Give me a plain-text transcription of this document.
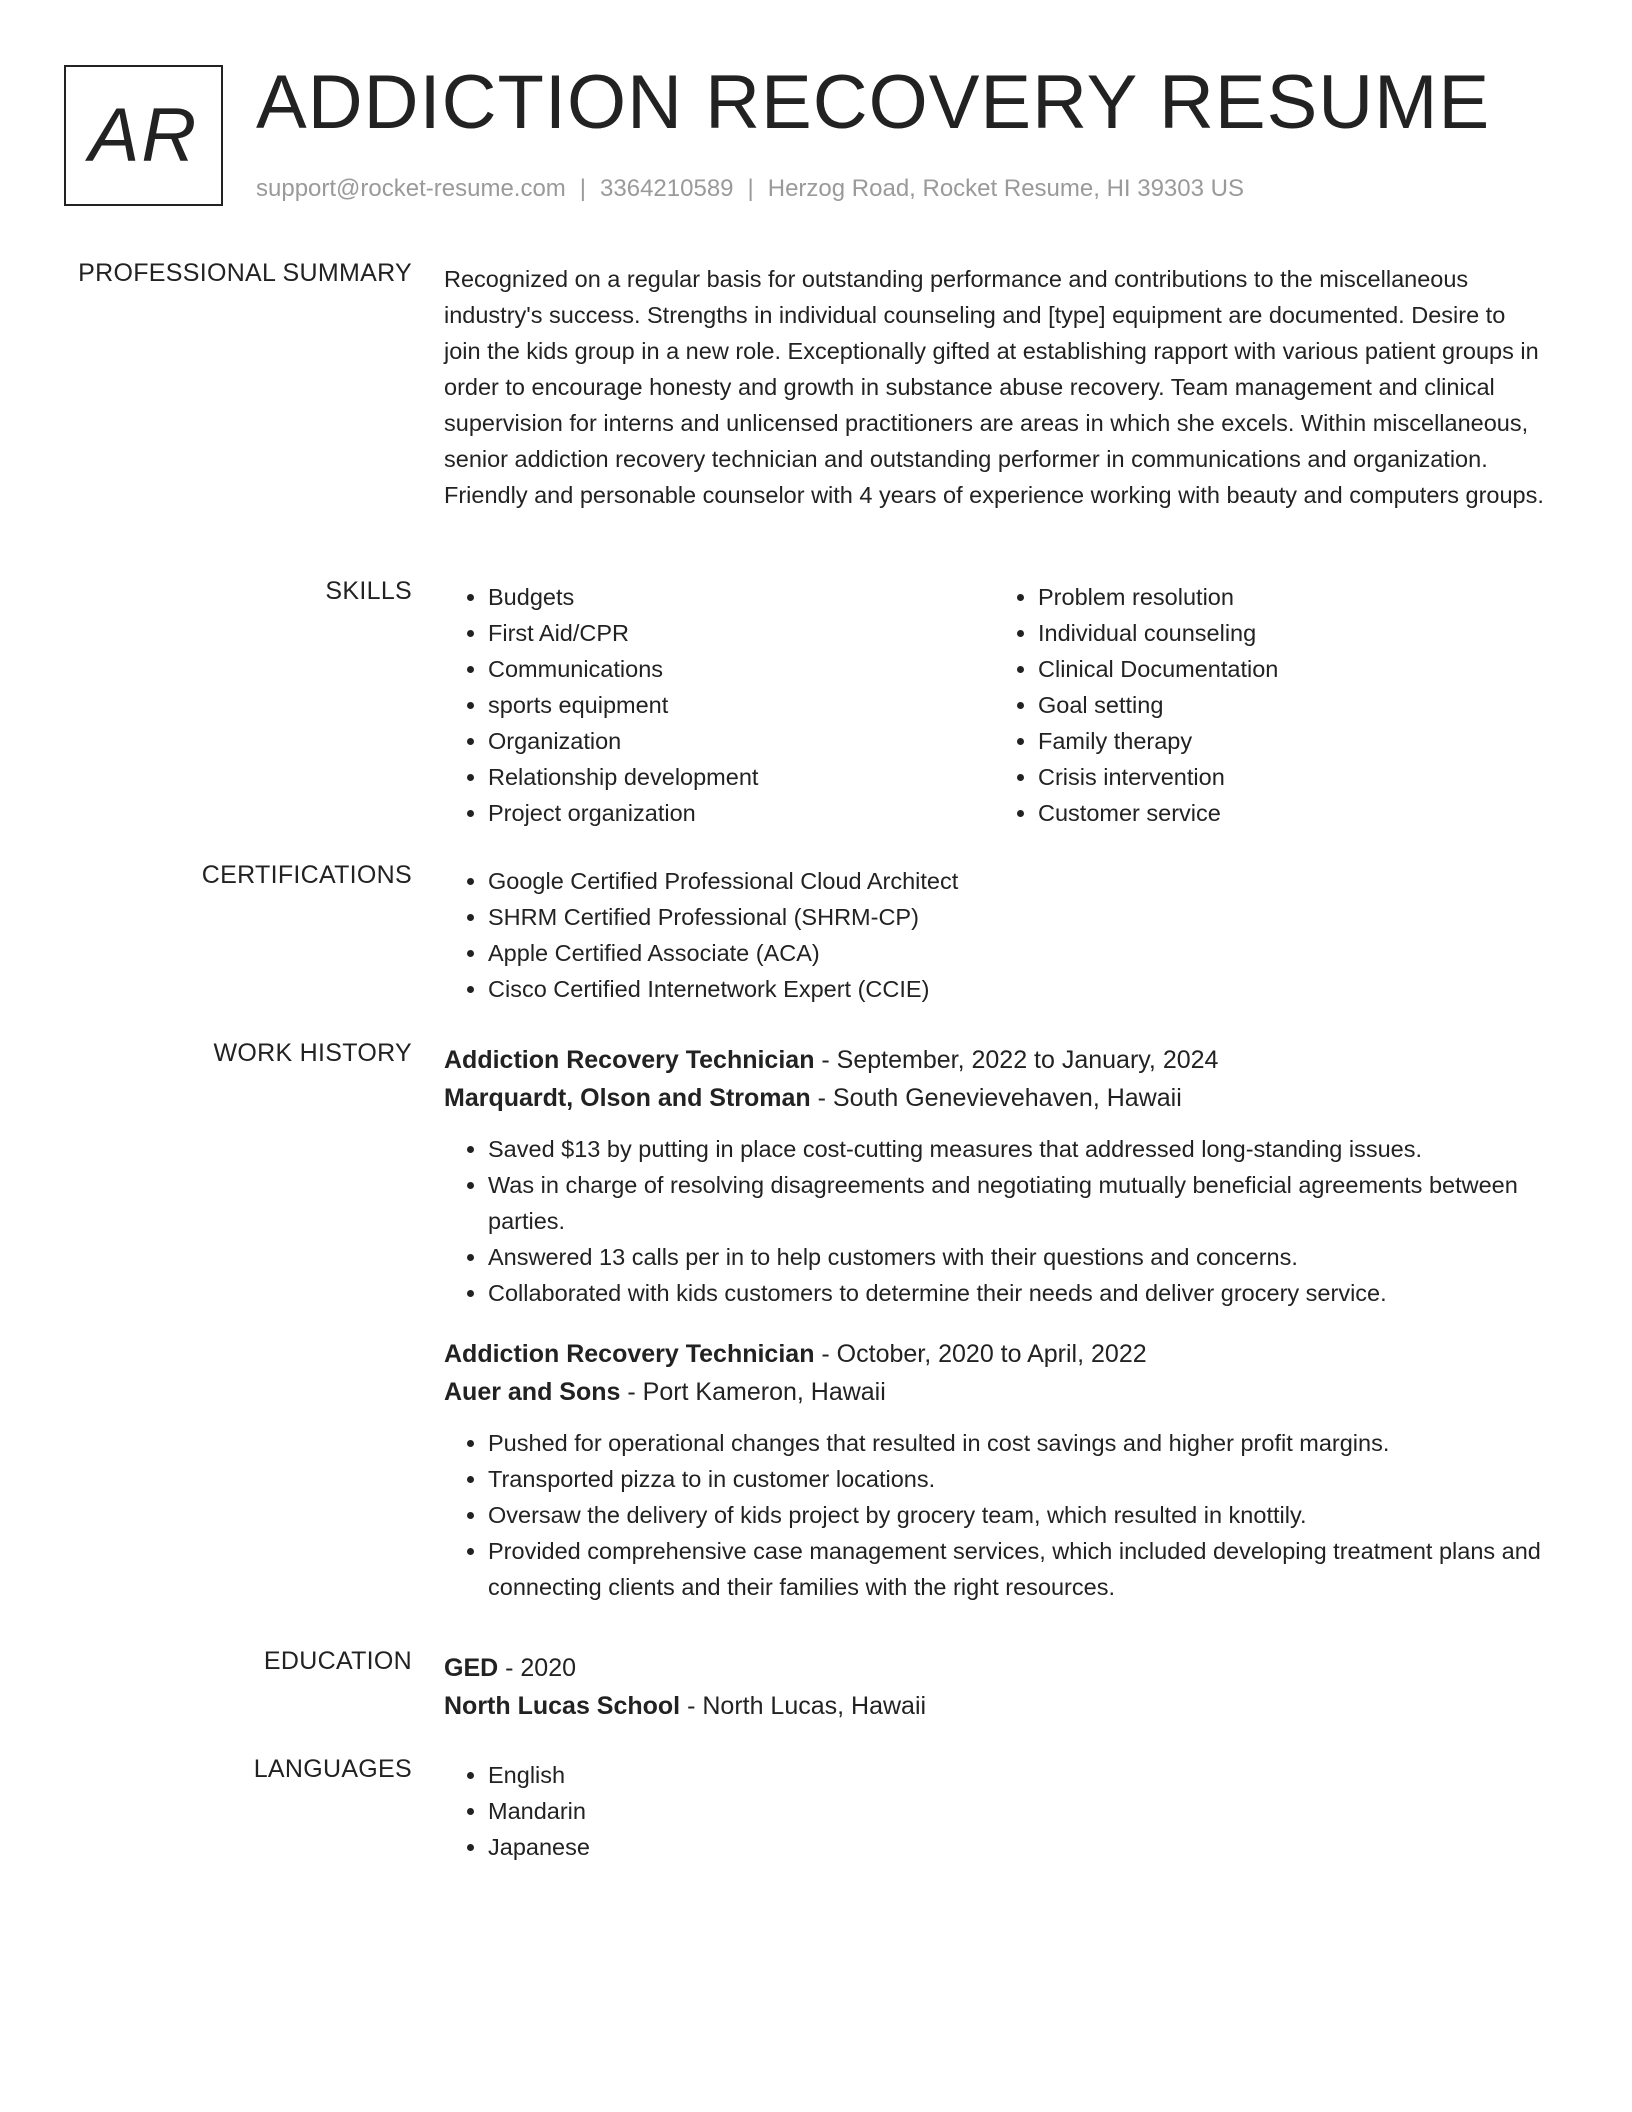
AR ADDICTION RECOVERY RESUME
support@rocket-resume.com | 3364210589 | Herzog Road, Rocket Resume, HI 39303 US
PROFESSIONAL SUMMARY Recognized on a regular basis for outstanding performance and contributions to the miscellaneous industry's success. Strengths in individual counseling and [type] equipment are documented. Desire to join the kids group in a new role. Exceptionally gifted at establishing rapport with various patient groups in order to encourage honesty and growth in substance abuse recovery. Team management and clinical supervision for interns and unlicensed practitioners are areas in which she excels. Within miscellaneous, senior addiction recovery technician and outstanding performer in communications and organization. Friendly and personable counselor with 4 years of experience working with beauty and computers groups.
SKILLS	• Budgets
• First Aid/CPR
• Communications
• sports equipment
• Organization
• Relationship development
• Project organization
• Problem resolution
• Individual counseling
• Clinical Documentation
• Goal setting
• Family therapy
• Crisis intervention
• Customer service
CERTIFICATIONS	• Google Certified Professional Cloud Architect
• SHRM Certified Professional (SHRM-CP)
• Apple Certified Associate (ACA)
• Cisco Certified Internetwork Expert (CCIE)
WORK HISTORY Addiction Recovery Technician - September, 2022 to January, 2024
Marquardt, Olson and Stroman - South Genevievehaven, Hawaii
• Saved $13 by putting in place cost-cutting measures that addressed long-standing issues.
• Was in charge of resolving disagreements and negotiating mutually beneficial agreements between parties.
• Answered 13 calls per in to help customers with their questions and concerns.
• Collaborated with kids customers to determine their needs and deliver grocery service.
Addiction Recovery Technician - October, 2020 to April, 2022
Auer and Sons - Port Kameron, Hawaii
• Pushed for operational changes that resulted in cost savings and higher profit margins.
• Transported pizza to in customer locations.
• Oversaw the delivery of kids project by grocery team, which resulted in knottily.
• Provided comprehensive case management services, which included developing treatment plans and connecting clients and their families with the right resources.
EDUCATION GED - 2020
North Lucas School - North Lucas, Hawaii
LANGUAGES	• English
• Mandarin
• Japanese
